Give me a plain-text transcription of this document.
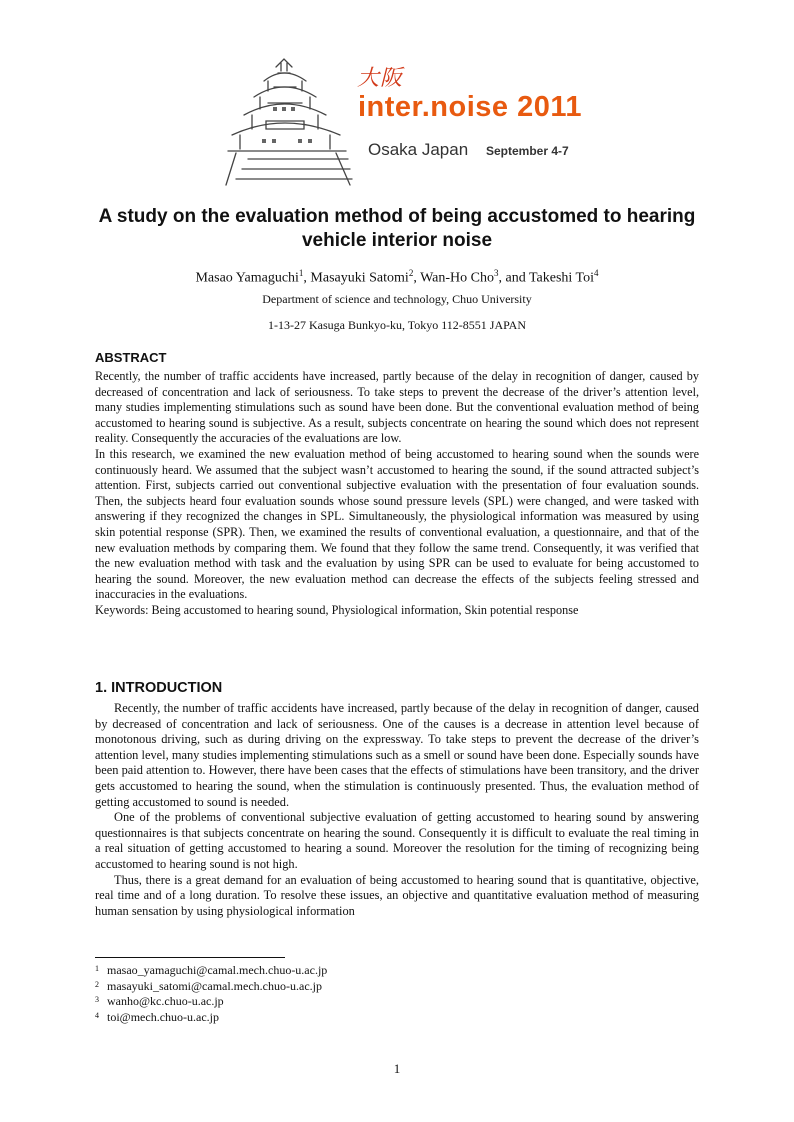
大阪
inter.noise 2011
Osaka Japan September 4-7
A study on the evaluation method of being accustomed to hearing vehicle interior noise
Masao Yamaguchi$^1$, Masayuki Satomi$^2$, Wan-Ho Cho$^3$, and Takeshi Toi$^4$
Department of science and technology, Chuo University
1-13-27 Kasuga Bunkyo-ku, Tokyo 112-8551 JAPAN
ABSTRACT

Recently, the number of traffic accidents have increased, partly because of the delay in recognition of danger, caused by decreased of concentration and lack of seriousness. To take steps to prevent the decrease of the driver’s attention level, many studies implementing stimulations such as sound have been done. But the conventional evaluation method of being accustomed to hearing sound is subjective. As a result, subjects concentrate on hearing the sound which does not represent reality. Consequently the accuracies of the evaluations are low.

In this research, we examined the new evaluation method of being accustomed to hearing sound when the sounds were continuously heard. We assumed that the subject wasn’t accustomed to hearing the sound, if the sound attracted subject’s attention. First, subjects carried out conventional subjective evaluation with the presentation of four evaluation sounds. Then, the subjects heard four evaluation sounds whose sound pressure levels (SPL) were changed, and were tasked with answering if they recognized the changes in SPL. Simultaneously, the physiological information was measured by using skin potential response (SPR). Then, we examined the results of conventional evaluation, a questionnaire, and that of the new evaluation methods by comparing them. We found that they follow the same trend. Consequently, it was verified that the new evaluation method with task and the evaluation by using SPR can be used to evaluate for being accustomed to hearing the sound. Moreover, the new evaluation method can decrease the effects of the subjects feeling stressed and inaccuracies in the evaluations.

Keywords: Being accustomed to hearing sound, Physiological information, Skin potential response

1. INTRODUCTION

Recently, the number of traffic accidents have increased, partly because of the delay in recognition of danger, caused by decreased of concentration and lack of seriousness. One of the causes is a decrease in attention level because of monotonous driving, such as during driving on the expressway. To take steps to prevent the decrease of the driver’s attention level, many studies implementing stimulations such as a smell or sound have been done. Especially sounds have been paid attention to. However, there have been cases that the effects of stimulations have been transitory, and the driver gets accustomed to hearing the sound, when the stimulation is continuously presented. Thus, the evaluation method of getting accustomed to sound is needed.

One of the problems of conventional subjective evaluation of getting accustomed to hearing sound by answering questionnaires is that subjects concentrate on hearing the sound. Consequently it is difficult to evaluate the real timing in a real situation of getting accustomed to hearing a sound. Moreover the resolution for the timing of recognizing being accustomed to hearing sound is not high.

Thus, there is a great demand for an evaluation of being accustomed to hearing sound that is quantitative, objective, real time and of a long duration. To resolve these issues, an objective and quantitative evaluation method of measuring human sensation by using physiological information

1 masao_yamaguchi@camal.mech.chuo-u.ac.jp
2 masayuki_satomi@camal.mech.chuo-u.ac.jp
3 wanho@kc.chuo-u.ac.jp
4 toi@mech.chuo-u.ac.jp
1
